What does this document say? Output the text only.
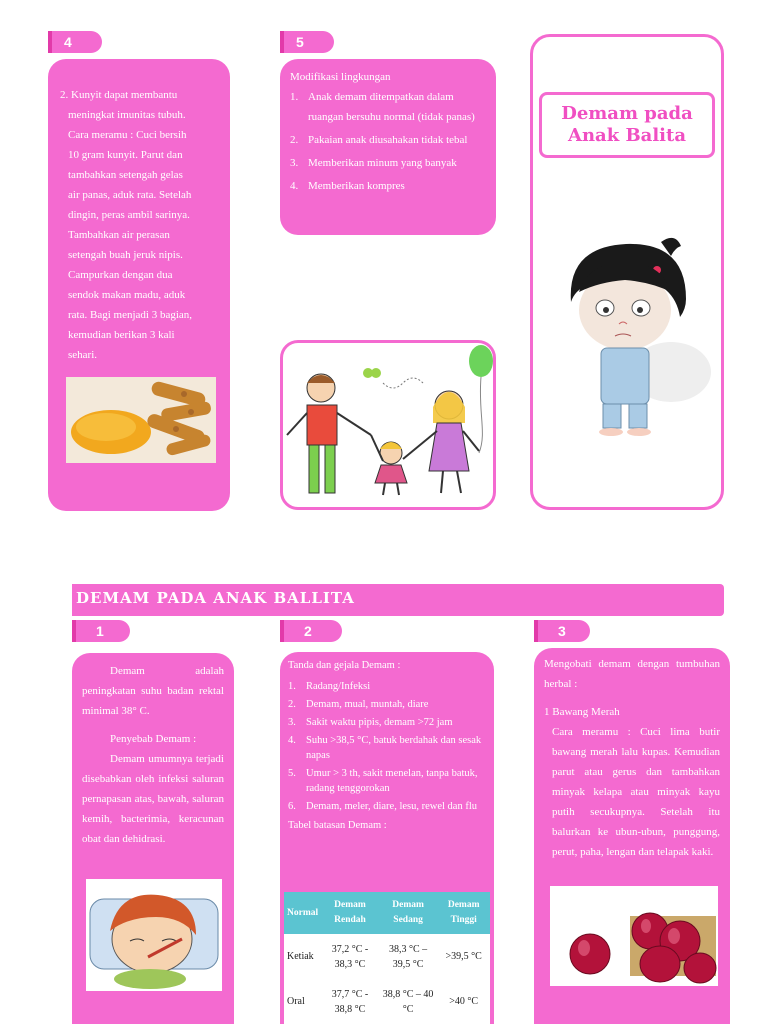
4
2. Kunyit dapat membantu
meningkat imunitas tubuh.
Cara meramu : Cuci bersih
10 gram kunyit. Parut dan
tambahkan setengah gelas
air panas, aduk rata. Setelah
dingin, peras ambil sarinya.
Tambahkan air perasan
setengah buah jeruk nipis.
Campurkan dengan dua
sendok makan madu, aduk
rata. Bagi menjadi 3 bagian,
kemudian berikan 3 kali
sehari.
5
Modifikasi lingkungan
1. Anak demam ditempatkan dalam ruangan bersuhu normal (tidak panas)
2. Pakaian anak diusahakan tidak tebal
3. Memberikan minum yang banyak
4. Memberikan kompres
Demam pada
Anak Balita
DEMAM PADA ANAK BALLITA
1
Demam adalah peningkatan suhu badan rektal minimal 38° C.
Penyebab Demam :
Demam umumnya terjadi disebabkan oleh infeksi saluran pernapasan atas, bawah, saluran kemih, bacterimia, keracunan obat dan dehidrasi.
2
Tanda dan gejala Demam :
1. Radang/Infeksi
2. Demam, mual, muntah, diare
3. Sakit waktu pipis, demam >72 jam
4. Suhu >38,5 °C, batuk berdahak dan sesak napas
5. Umur > 3 th, sakit menelan, tanpa batuk, radang tenggorokan
6. Demam, meler, diare, lesu, rewel dan flu
Tabel batasan Demam :
Normal	Demam Rendah	Demam Sedang	Demam Tinggi
Ketiak	37,2 °C - 38,3 °C	38,3 °C – 39,5 °C	>39,5 °C
Oral	37,7 °C - 38,8 °C	38,8 °C – 40 °C	>40 °C
3
Mengobati demam dengan tumbuhan herbal :
1 Bawang Merah
Cara meramu : Cuci lima butir bawang merah lalu kupas. Kemudian parut atau gerus dan tambahkan minyak kelapa atau minyak kayu putih secukupnya. Setelah itu balurkan ke ubun-ubun, punggung, perut, paha, lengan dan telapak kaki.
